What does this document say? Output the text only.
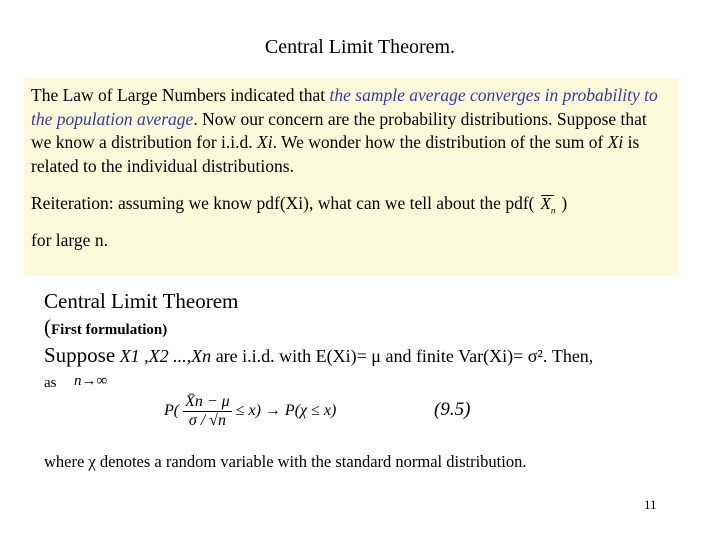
Central Limit Theorem.
The Law of Large Numbers indicated that the sample average converges in probability to the population average. Now our concern are the probability distributions. Suppose that we know a distribution for i.i.d. Xi. We wonder how the distribution of the sum of Xi is related to the individual distributions.
Reiteration: assuming we know pdf(Xi), what can we tell about the pdf( $X_n$ )
for large n.
Central Limit Theorem
(First formulation)
Suppose X1 ,X2 ...,Xn are i.i.d. with E(Xi)= μ and finite Var(Xi)= σ². Then,
as n→∞
$P( \frac{X̄n - \mu}{\sigma / √n} \le x) \to P(\chi \le x)$	(9.5)
where χ denotes a random variable with the standard normal distribution.
11
